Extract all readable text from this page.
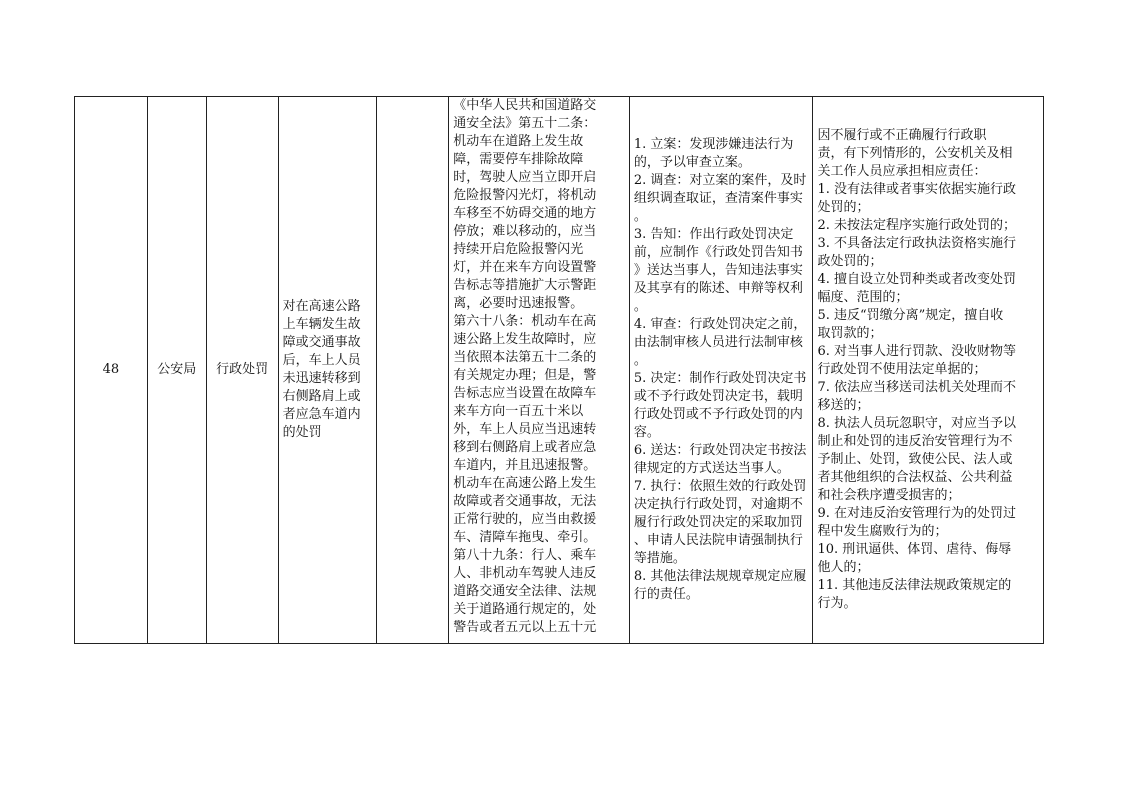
48	公安局 行政处罚
对在高速公路
上车辆发生故
障或交通事故
后，车上人员
未迅速转移到
右侧路肩上或
者应急车道内
的处罚
《中华人民共和国道路交
通安全法》第五十二条：
机动车在道路上发生故
障，需要停车排除故障
时，驾驶人应当立即开启
危险报警闪光灯，将机动
车移至不妨碍交通的地方
停放；难以移动的，应当
持续开启危险报警闪光
灯，并在来车方向设置警
告标志等措施扩大示警距
离，必要时迅速报警。
第六十八条：机动车在高
速公路上发生故障时，应
当依照本法第五十二条的
有关规定办理；但是，警
告标志应当设置在故障车
来车方向一百五十米以
外，车上人员应当迅速转
移到右侧路肩上或者应急
车道内，并且迅速报警。
机动车在高速公路上发生
故障或者交通事故，无法
正常行驶的，应当由救援
车、清障车拖曳、牵引。
第八十九条：行人、乘车
人、非机动车驾驶人违反
道路交通安全法律、法规
关于道路通行规定的，处
警告或者五元以上五十元
1. 立案：发现涉嫌违法行为
的，予以审查立案。
2. 调查：对立案的案件，及时
组织调查取证，查清案件事实
。
3. 告知：作出行政处罚决定
前，应制作《行政处罚告知书
》送达当事人，告知违法事实
及其享有的陈述、申辩等权利
。
4. 审查：行政处罚决定之前，
由法制审核人员进行法制审核
。
5. 决定：制作行政处罚决定书
或不予行政处罚决定书，载明
行政处罚或不予行政处罚的内
容。
6. 送达：行政处罚决定书按法
律规定的方式送达当事人。
7. 执行：依照生效的行政处罚
决定执行行政处罚，对逾期不
履行行政处罚决定的采取加罚
、申请人民法院申请强制执行
等措施。
8. 其他法律法规规章规定应履
行的责任。
因不履行或不正确履行行政职
责，有下列情形的，公安机关及相
关工作人员应承担相应责任：
1. 没有法律或者事实依据实施行政
处罚的；
2. 未按法定程序实施行政处罚的；
3. 不具备法定行政执法资格实施行
政处罚的；
4. 擅自设立处罚种类或者改变处罚
幅度、范围的；
5. 违反“罚缴分离”规定，擅自收
取罚款的；
6. 对当事人进行罚款、没收财物等
行政处罚不使用法定单据的；
7. 依法应当移送司法机关处理而不
移送的；
8. 执法人员玩忽职守，对应当予以
制止和处罚的违反治安管理行为不
予制止、处罚，致使公民、法人或
者其他组织的合法权益、公共利益
和社会秩序遭受损害的；
9. 在对违反治安管理行为的处罚过
程中发生腐败行为的；
10. 刑讯逼供、体罚、虐待、侮辱
他人的；
11. 其他违反法律法规政策规定的
行为。
